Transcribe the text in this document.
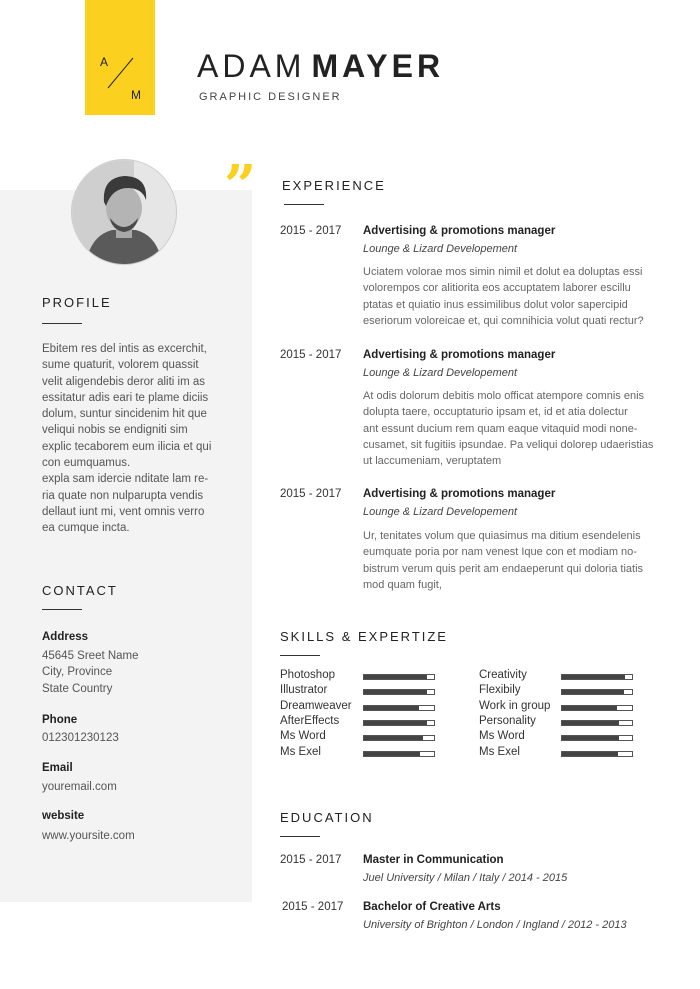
A
M
ADAM MAYER
GRAPHIC DESIGNER
”
PROFILE
Ebitem res del intis as excerchit,
sume quaturit, volorem quassit
velit aligendebis deror aliti im as
essitatur adis eari te plame diciis
dolum, suntur sincidenim hit que
veliqui nobis se endigniti sim
explic tecaborem eum ilicia et qui
con eumquamus.
expla sam idercie nditate lam re-
ria quate non nulparupta vendis
dellaut iunt mi, vent omnis verro
ea cumque incta.
CONTACT
Address
45645 Sreet Name
City, Province
State Country
Phone
012301230123
Email
youremail.com
website
www.yoursite.com
EXPERIENCE
2015 - 2017 Advertising & promotions manager
Lounge & Lizard Developement
Uciatem volorae mos simin nimil et dolut ea doluptas essi
volorempos cor alitiorita eos accuptatem laborer escillu
ptatas et quiatio inus essimilibus dolut volor sapercipid
eseriorum voloreicae et, qui comnihicia volut quati rectur?
2015 - 2017 Advertising & promotions manager
Lounge & Lizard Developement
At odis dolorum debitis molo officat atempore comnis enis
dolupta taere, occuptaturio ipsam et, id et atia dolectur
ant essunt ducium rem quam eaque vitaquid modi none-
cusamet, sit fugitiis ipsundae. Pa veliqui dolorep udaeristias
ut laccumeniam, veruptatem
2015 - 2017 Advertising & promotions manager
Lounge & Lizard Developement
Ur, tenitates volum que quiasimus ma ditium esendelenis
eumquate poria por nam venest Ique con et modiam no-
bistrum verum quis perit am endaeperunt qui doloria tiatis
mod quam fugit,
SKILLS & EXPERTIZE
Photoshop
Illustrator
Dreamweaver
AfterEffects
Ms Word
Ms Exel
Creativity
Flexibily
Work in group
Personality
Ms Word
Ms Exel
EDUCATION
2015 - 2017 Master in Communication
Juel University / Milan / Italy / 2014 - 2015
2015 - 2017 Bachelor of Creative Arts
University of Brighton / London / Ingland / 2012 - 2013
